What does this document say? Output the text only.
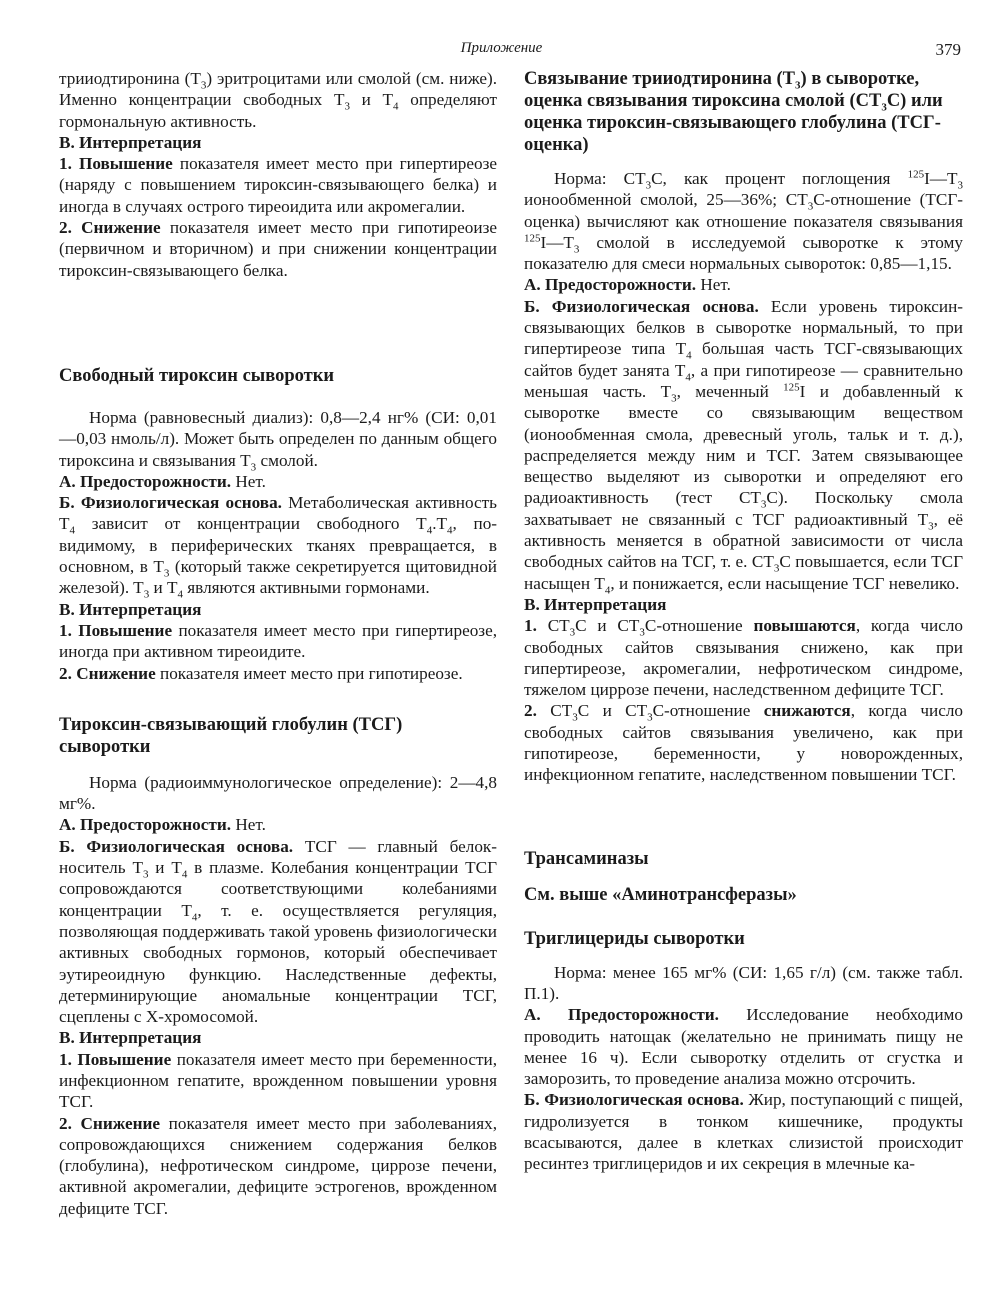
Приложение	379

трииодтиронина $(T_3)$ эритроцитами или смолой (см. ниже). Именно концентрации свободных $T_3$ и $T_4$ определяют гормональную активность.

В. Интерпретация

1. Повышение показателя имеет место при гипертиреозе (наряду с повышением тироксин-связывающего белка) и иногда в случаях острого тиреоидита или акромегалии.

2. Снижение показателя имеет место при гипотиреоизе (первичном и вторичном) и при снижении концентрации тироксин-связывающего белка.

Свободный тироксин сыворотки

Норма (равновесный диализ): 0,8—2,4 нг% (СИ: 0,01—0,03 нмоль/л). Может быть определен по данным общего тироксина и связывания $T_3$ смолой.

А. Предосторожности. Нет.

Б. Физиологическая основа. Метаболическая активность $T_4$ зависит от концентрации свободного $T_4.T_4$, по-видимому, в периферических тканях превращается, в основном, в $T_3$ (который также секретируется щитовидной железой). $T_3$ и $T_4$ являются активными гормонами.

В. Интерпретация

1. Повышение показателя имеет место при гипертиреозе, иногда при активном тиреоидите.

2. Снижение показателя имеет место при гипотиреозе.

Тироксин-связывающий глобулин (ТСГ)
сыворотки

Норма (радиоиммунологическое определение): 2—4,8 мг%.

А. Предосторожности. Нет.

Б. Физиологическая основа. ТСГ — главный белок-носитель $T_3$ и $T_4$ в плазме. Колебания концентрации ТСГ сопровождаются соответствующими колебаниями концентрации $T_4$, т. е. осуществляется регуляция, позволяющая поддерживать такой уровень физиологически активных свободных гормонов, который обеспечивает эутиреоидную функцию. Наследственные дефекты, детерминирующие аномальные концентрации ТСГ, сцеплены с X-хромосомой.

В. Интерпретация

1. Повышение показателя имеет место при беременности, инфекционном гепатите, врожденном повышении уровня ТСГ.

2. Снижение показателя имеет место при заболеваниях, сопровождающихся снижением содержания белков (глобулина), нефротическом синдроме, циррозе печени, активной акромегалии, дефиците эстрогенов, врожденном дефиците ТСГ.

Связывание трииодтиронина $(T_3)$ в сыворотке, оценка связывания тироксина смолой $(CT_3C)$ или оценка тироксин-связывающего глобулина (ТСГ-оценка)

Норма: $CT_3C$, как процент поглощения $^{125}I—T_3$ ионообменной смолой, 25—36%; $CT_3C$-отношение (ТСГ-оценка) вычисляют как отношение показателя связывания $^{125}I—T_3$ смолой в исследуемой сыворотке к этому показателю для смеси нормальных сывороток: 0,85—1,15.

А. Предосторожности. Нет.

Б. Физиологическая основа. Если уровень тироксин-связывающих белков в сыворотке нормальный, то при гипертиреозе типа $T_4$ большая часть ТСГ-связывающих сайтов будет занята $T_4$, а при гипотиреозе — сравнительно меньшая часть. $T_3$, меченный $^{125}$I и добавленный к сыворотке вместе со связывающим веществом (ионообменная смола, древесный уголь, тальк и т. д.), распределяется между ним и ТСГ. Затем связывающее вещество выделяют из сыворотки и определяют его радиоактивность (тест $CT_3C$). Поскольку смола захватывает не связанный с ТСГ радиоактивный $T_3$, её активность меняется в обратной зависимости от числа свободных сайтов на ТСГ, т. е. $CT_3C$ повышается, если ТСГ насыщен $T_4$, и понижается, если насыщение ТСГ невелико.

В. Интерпретация

1. $CT_3C$ и $CT_3C$-отношение повышаются, когда число свободных сайтов связывания снижено, как при гипертиреозе, акромегалии, нефротическом синдроме, тяжелом циррозе печени, наследственном дефиците ТСГ.

2. $CT_3C$ и $CT_3C$-отношение снижаются, когда число свободных сайтов связывания увеличено, как при гипотиреозе, беременности, у новорожденных, инфекционном гепатите, наследственном повышении ТСГ.

Трансаминазы
См. выше «Аминотрансферазы»
Триглицериды сыворотки

Норма: менее 165 мг% (СИ: 1,65 г/л) (см. также табл. П.1).

А. Предосторожности. Исследование необходимо проводить натощак (желательно не принимать пищу не менее 16 ч). Если сыворотку отделить от сгустка и заморозить, то проведение анализа можно отсрочить.

Б. Физиологическая основа. Жир, поступающий с пищей, гидролизуется в тонком кишечнике, продукты всасываются, далее в клетках слизистой происходит ресинтез триглицеридов и их секреция в млечные ка-
